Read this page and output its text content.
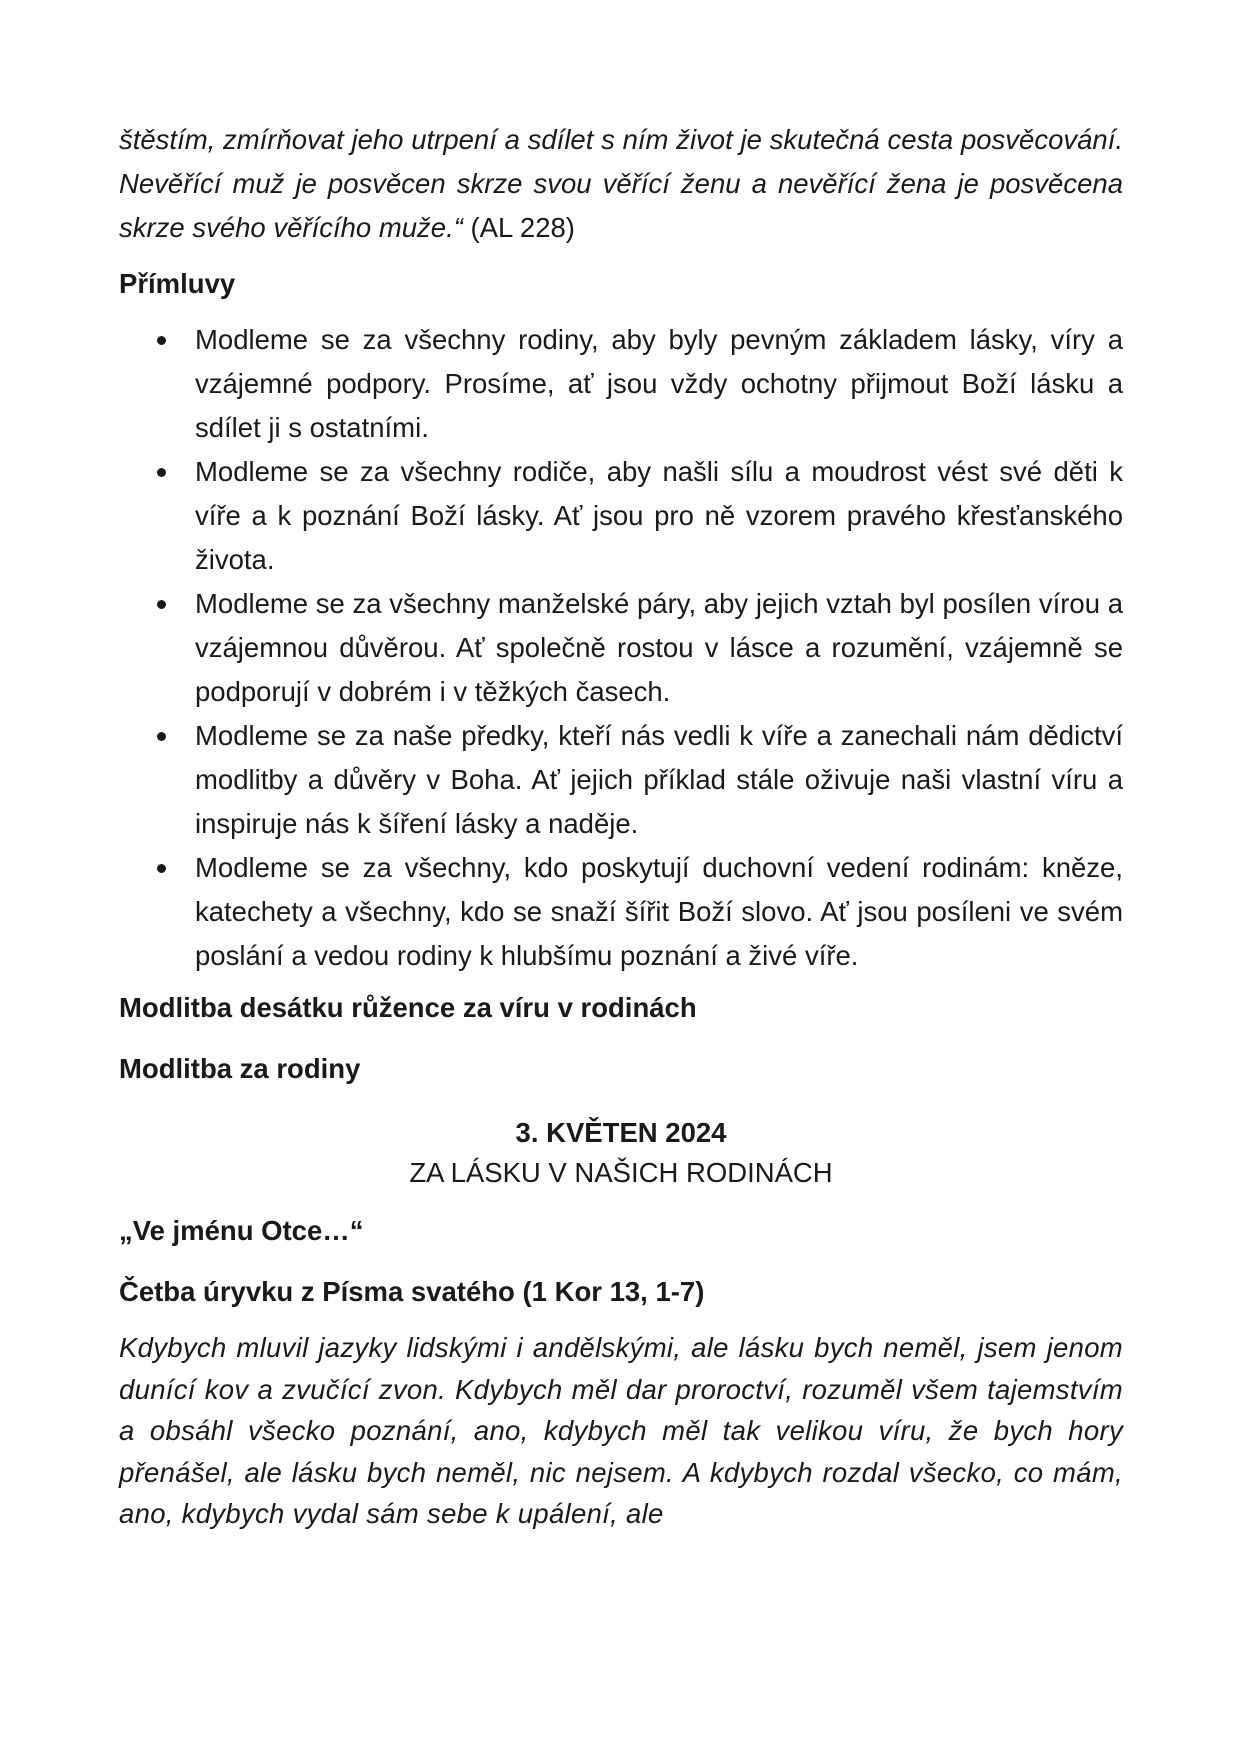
štěstím, zmírňovat jeho utrpení a sdílet s ním život je skutečná cesta posvěcování. Nevěřící muž je posvěcen skrze svou věřící ženu a nevěřící žena je posvěcena skrze svého věřícího muže.“ (AL 228)

Přímluvy

Modleme se za všechny rodiny, aby byly pevným základem lásky, víry a vzájemné podpory. Prosíme, ať jsou vždy ochotny přijmout Boží lásku a sdílet ji s ostatními.
Modleme se za všechny rodiče, aby našli sílu a moudrost vést své děti k víře a k poznání Boží lásky. Ať jsou pro ně vzorem pravého křesťanského života.
Modleme se za všechny manželské páry, aby jejich vztah byl posílen vírou a vzájemnou důvěrou. Ať společně rostou v lásce a rozumění, vzájemně se podporují v dobrém i v těžkých časech.
Modleme se za naše předky, kteří nás vedli k víře a zanechali nám dědictví modlitby a důvěry v Boha. Ať jejich příklad stále oživuje naši vlastní víru a inspiruje nás k šíření lásky a naděje.
Modleme se za všechny, kdo poskytují duchovní vedení rodinám: kněze, katechety a všechny, kdo se snaží šířit Boží slovo. Ať jsou posíleni ve svém poslání a vedou rodiny k hlubšímu poznání a živé víře.

Modlitba desátku růžence za víru v rodinách

Modlitba za rodiny

3. KVĚTEN 2024
ZA LÁSKU V NAŠICH RODINÁCH

„Ve jménu Otce…“

Četba úryvku z Písma svatého (1 Kor 13, 1-7)

Kdybych mluvil jazyky lidskými i andělskými, ale lásku bych neměl, jsem jenom dunící kov a zvučící zvon. Kdybych měl dar proroctví, rozuměl všem tajemstvím a obsáhl všecko poznání, ano, kdybych měl tak velikou víru, že bych hory přenášel, ale lásku bych neměl, nic nejsem. A kdybych rozdal všecko, co mám, ano, kdybych vydal sám sebe k upálení, ale
